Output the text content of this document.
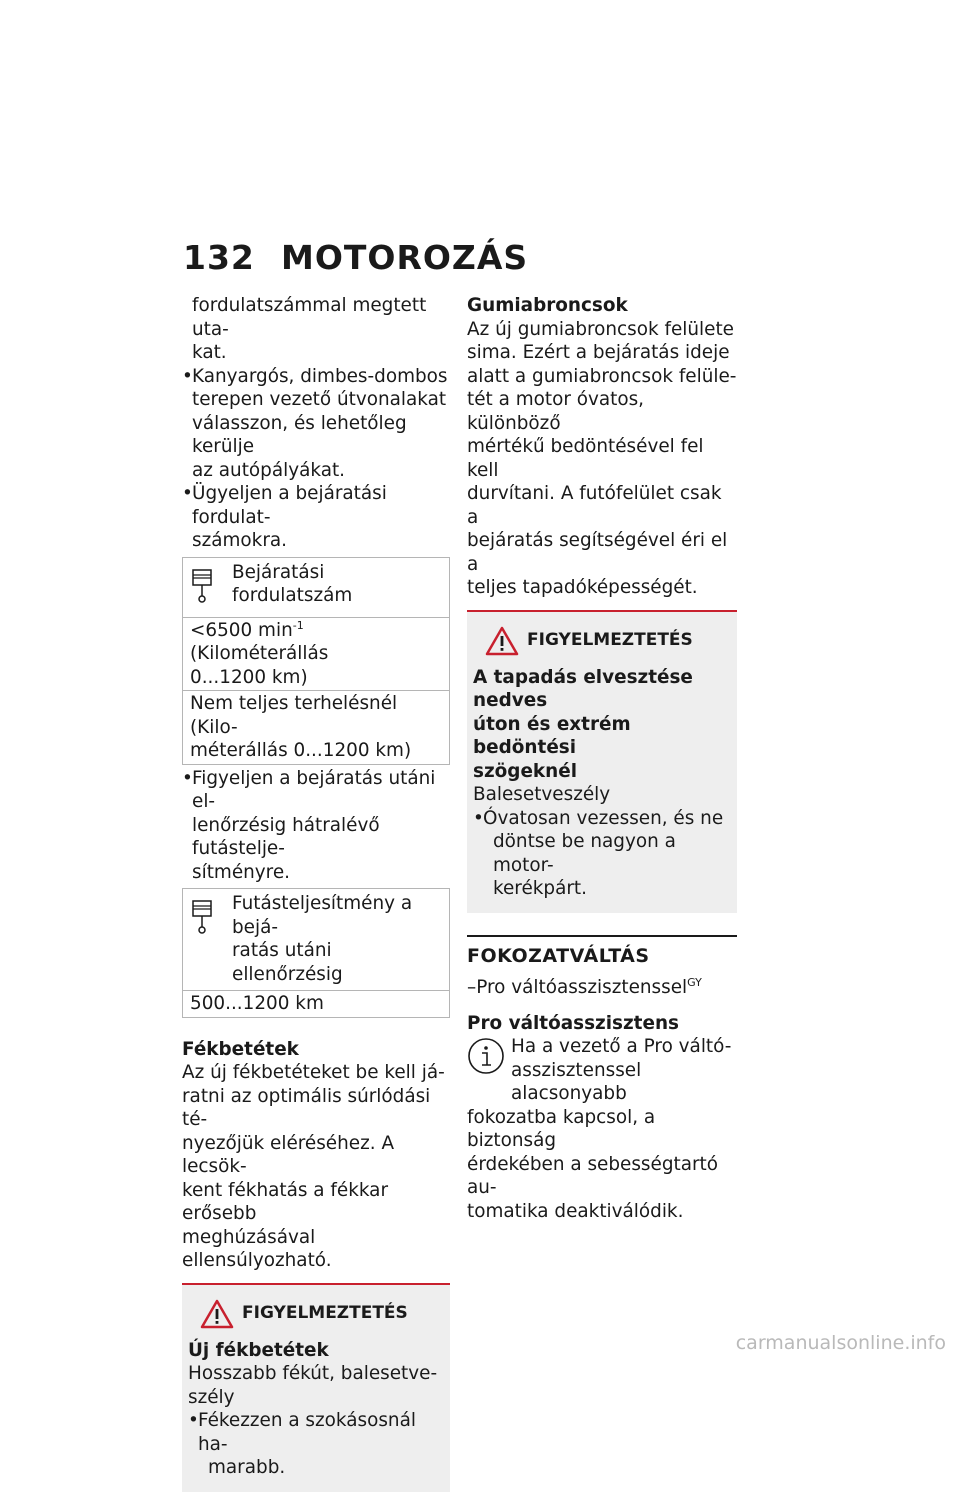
132 MOTOROZÁS

fordulatszámmal megtett uta-

kat.

• Kanyargós, dimbes-dombos

terepen vezető útvonalakat

válasszon, és lehetőleg kerülje

az autópályákat.

• Ügyeljen a bejáratási fordulat-

számokra.

Bejáratási fordulatszám

<6500 $\min^{-1}$ (Kilométerállás

0...1200 km)

Nem teljes terhelésnél (Kilo-

méterállás 0...1200 km)

• Figyeljen a bejáratás utáni el-

lenőrzésig hátralévő futástelje-

sítményre.

Futásteljesítmény a bejá-

ratás utáni ellenőrzésig

500...1200 km

Fékbetétek

Az új fékbetéteket be kell já-

ratni az optimális súrlódási té-

nyezőjük eléréséhez. A lecsök-

kent fékhatás a fékkar erősebb

meghúzásával ellensúlyozható.

FIGYELMEZTETÉS

Új fékbetétek

Hosszabb fékút, balesetve-

szély

• Fékezzen a szokásosnál ha-

marabb.

Gumiabroncsok

Az új gumiabroncsok felülete

sima. Ezért a bejáratás ideje

alatt a gumiabroncsok felüle-

tét a motor óvatos, különböző

mértékű bedöntésével fel kell

durvítani. A futófelület csak a

bejáratás segítségével éri el a

teljes tapadóképességét.

FIGYELMEZTETÉS

A tapadás elvesztése nedves

úton és extrém bedöntési

szögeknél

Balesetveszély

• Óvatosan vezessen, és ne

döntse be nagyon a motor-

kerékpárt.

FOKOZATVÁLTÁS

–Pro váltóasszisztenssel$^{GY}$

Pro váltóasszisztens

Ha a vezető a Pro váltó-

asszisztenssel alacsonyabb

fokozatba kapcsol, a biztonság

érdekében a sebességtartó au-

tomatika deaktiválódik.

carmanualsonline.info
